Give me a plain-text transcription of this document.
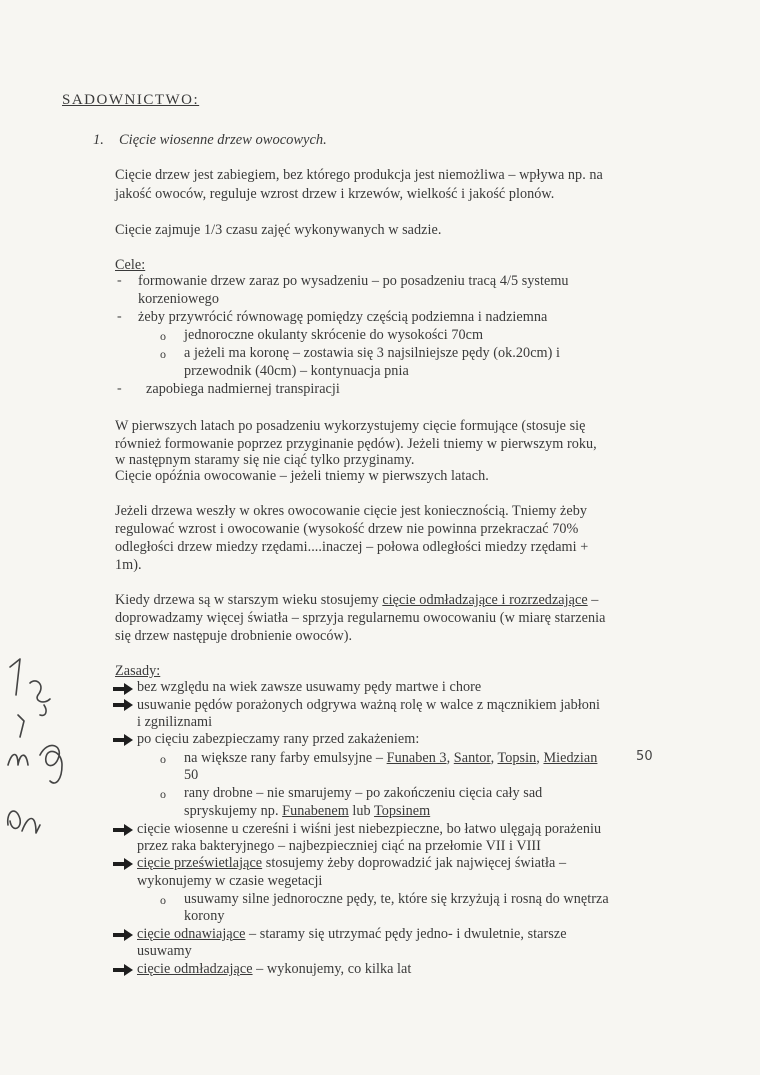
SADOWNICTWO:
1. Cięcie wiosenne drzew owocowych.
Cięcie drzew jest zabiegiem, bez którego produkcja jest niemożliwa – wpływa np. na
jakość owoców, reguluje wzrost drzew i krzewów, wielkość i jakość plonów.
Cięcie zajmuje 1/3 czasu zajęć wykonywanych w sadzie.
Cele:
- formowanie drzew zaraz po wysadzeniu – po posadzeniu tracą 4/5 systemu
korzeniowego
- żeby przywrócić równowagę pomiędzy częścią podziemna i nadziemna
o jednoroczne okulanty skrócenie do wysokości 70cm
o a jeżeli ma koronę – zostawia się 3 najsilniejsze pędy (ok.20cm) i
przewodnik (40cm) – kontynuacja pnia
- zapobiega nadmiernej transpiracji
W pierwszych latach po posadzeniu wykorzystujemy cięcie formujące (stosuje się
również formowanie poprzez przyginanie pędów). Jeżeli tniemy w pierwszym roku,
w następnym staramy się nie ciąć tylko przyginamy.
Cięcie opóźnia owocowanie – jeżeli tniemy w pierwszych latach.
Jeżeli drzewa weszły w okres owocowanie cięcie jest koniecznością. Tniemy żeby
regulować wzrost i owocowanie (wysokość drzew nie powinna przekraczać 70%
odległości drzew miedzy rzędami....inaczej – połowa odległości miedzy rzędami +
1m).
Kiedy drzewa są w starszym wieku stosujemy cięcie odmładzające i rozrzedzające –
doprowadzamy więcej światła – sprzyja regularnemu owocowaniu (w miarę starzenia
się drzew następuje drobnienie owoców).
Zasady:
bez względu na wiek zawsze usuwamy pędy martwe i chore
usuwanie pędów porażonych odgrywa ważną rolę w walce z mącznikiem jabłoni
i zgniliznami
po cięciu zabezpieczamy rany przed zakażeniem:
o na większe rany farby emulsyjne – Funaben 3, Santor, Topsin, Miedzian	50
50
o rany drobne – nie smarujemy – po zakończeniu cięcia cały sad
spryskujemy np. Funabenem lub Topsinem
cięcie wiosenne u czereśni i wiśni jest niebezpieczne, bo łatwo ulęgają porażeniu
przez raka bakteryjnego – najbezpieczniej ciąć na przełomie VII i VIII
cięcie prześwietlające stosujemy żeby doprowadzić jak najwięcej światła –
wykonujemy w czasie wegetacji
o usuwamy silne jednoroczne pędy, te, które się krzyżują i rosną do wnętrza
korony
cięcie odnawiające – staramy się utrzymać pędy jedno- i dwuletnie, starsze
usuwamy
cięcie odmładzające – wykonujemy, co kilka lat
